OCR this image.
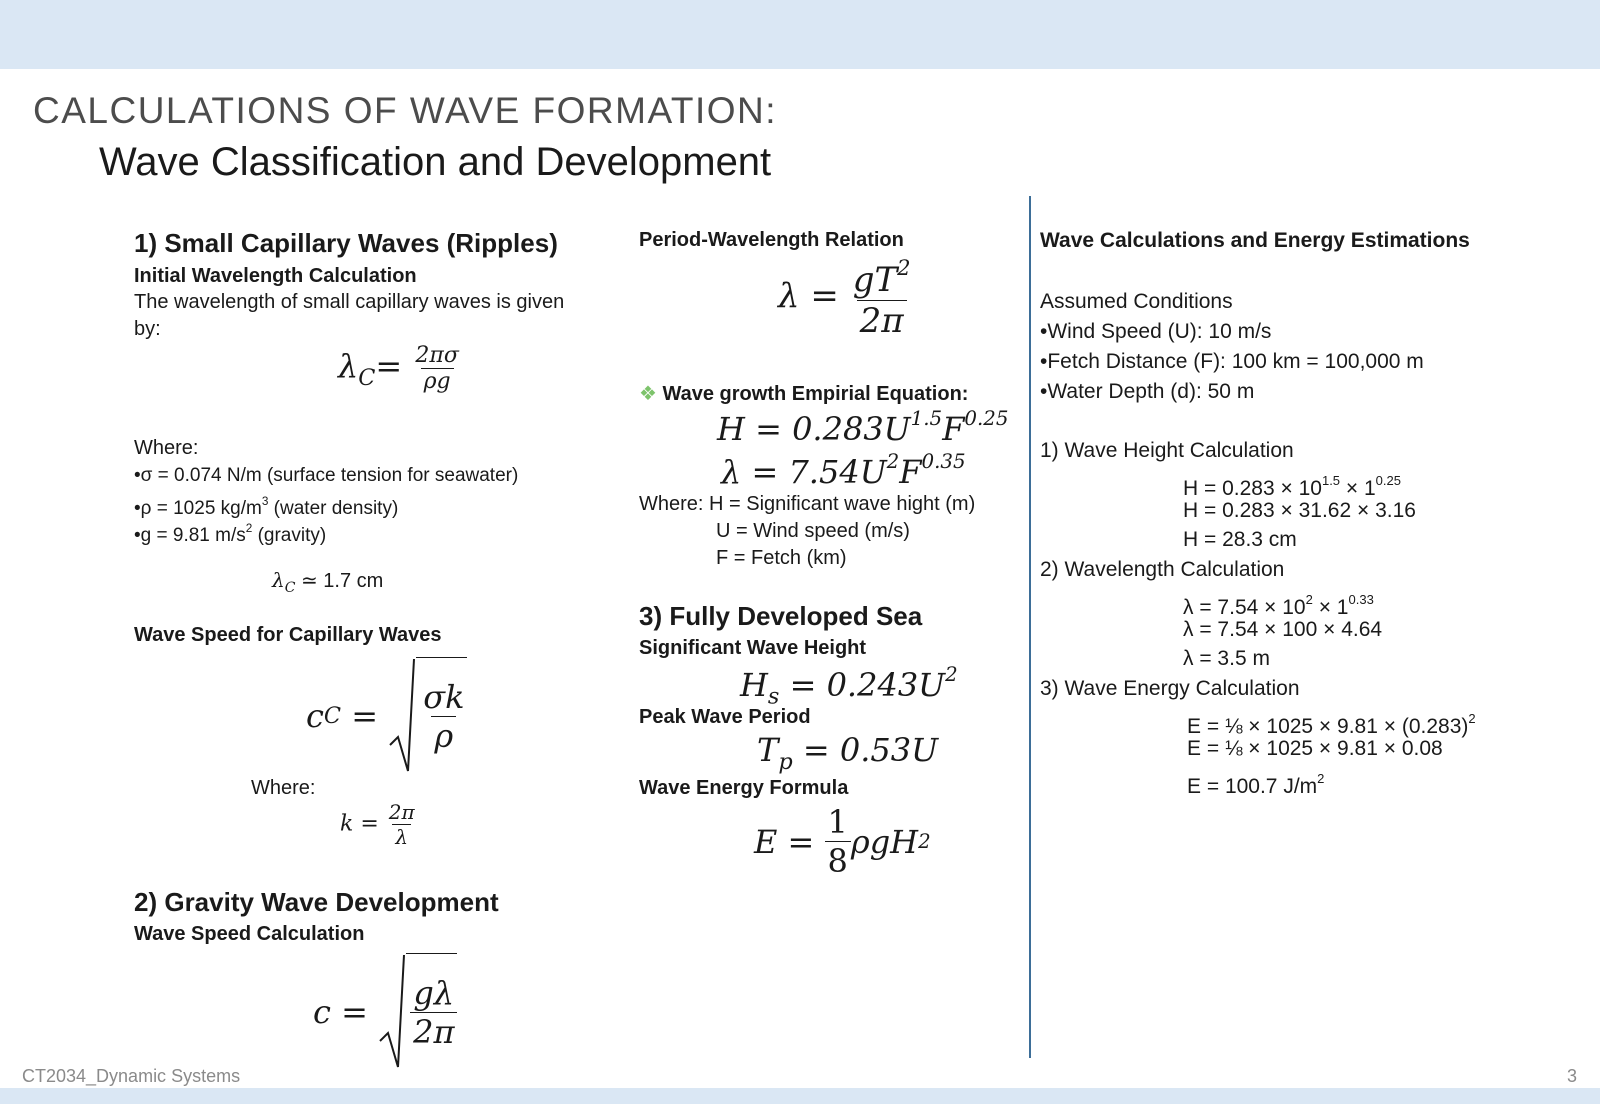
CALCULATIONS OF WAVE FORMATION:
Wave Classification and Development
1) Small Capillary Waves (Ripples)
Initial Wavelength Calculation
The wavelength of small capillary waves is given
by:
$\lambda_C= \frac{2\pi\sigma}{\rho g}$
Where:
•σ = 0.074 N/m (surface tension for seawater)
•ρ = 1025 $kg/m^3$ (water density)
•g = 9.81 $m/s^2$ (gravity)
$\lambda_C$ ≃ 1.7 cm
Wave Speed for Capillary Waves
c C
=
$\frac{\sigma k}{\rho}$
Where:
$k = \frac{2\pi}{\lambda}$
2) Gravity Wave Development
Wave Speed Calculation
c
=
$\frac{g\lambda}{2\pi}$
Period-Wavelength Relation
$\lambda = \frac{gT^2}{2\pi}$
❖ Wave growth Empirial Equation:
$H = 0.283U^{1.5}F^{0.25}$
$\lambda = 7.54U^2F^{0.35}$
Where: H = Significant wave hight (m)
U = Wind speed (m/s)
F = Fetch (km)
3) Fully Developed Sea
Significant Wave Height
$H_s = 0.243U^2$
Peak Wave Period
$T_p = 0.53U$
Wave Energy Formula
E =
$\frac{1}{8}$ ρgH 2
Wave Calculations and Energy Estimations
Assumed Conditions
•Wind Speed (U): 10 m/s
•Fetch Distance (F): 100 km = 100,000 m
•Water Depth (d): 50 m
1) Wave Height Calculation
$H = 0.283 \times 10^{1.5} \times 1^{0.25}$
H = 0.283 × 31.62 × 3.16
H = 28.3 cm
2) Wavelength Calculation
$\lambda = 7.54 \times 10^2 \times 1^{0.33}$
λ = 7.54 × 100 × 4.64
λ = 3.5 m
3) Wave Energy Calculation
E = ⅛ × $1025 \times 9.81 \times (0.283)^2$
E = ⅛ × 1025 × 9.81 × 0.08
E = 100.7 $J/m^2$
CT2034_Dynamic Systems	3
